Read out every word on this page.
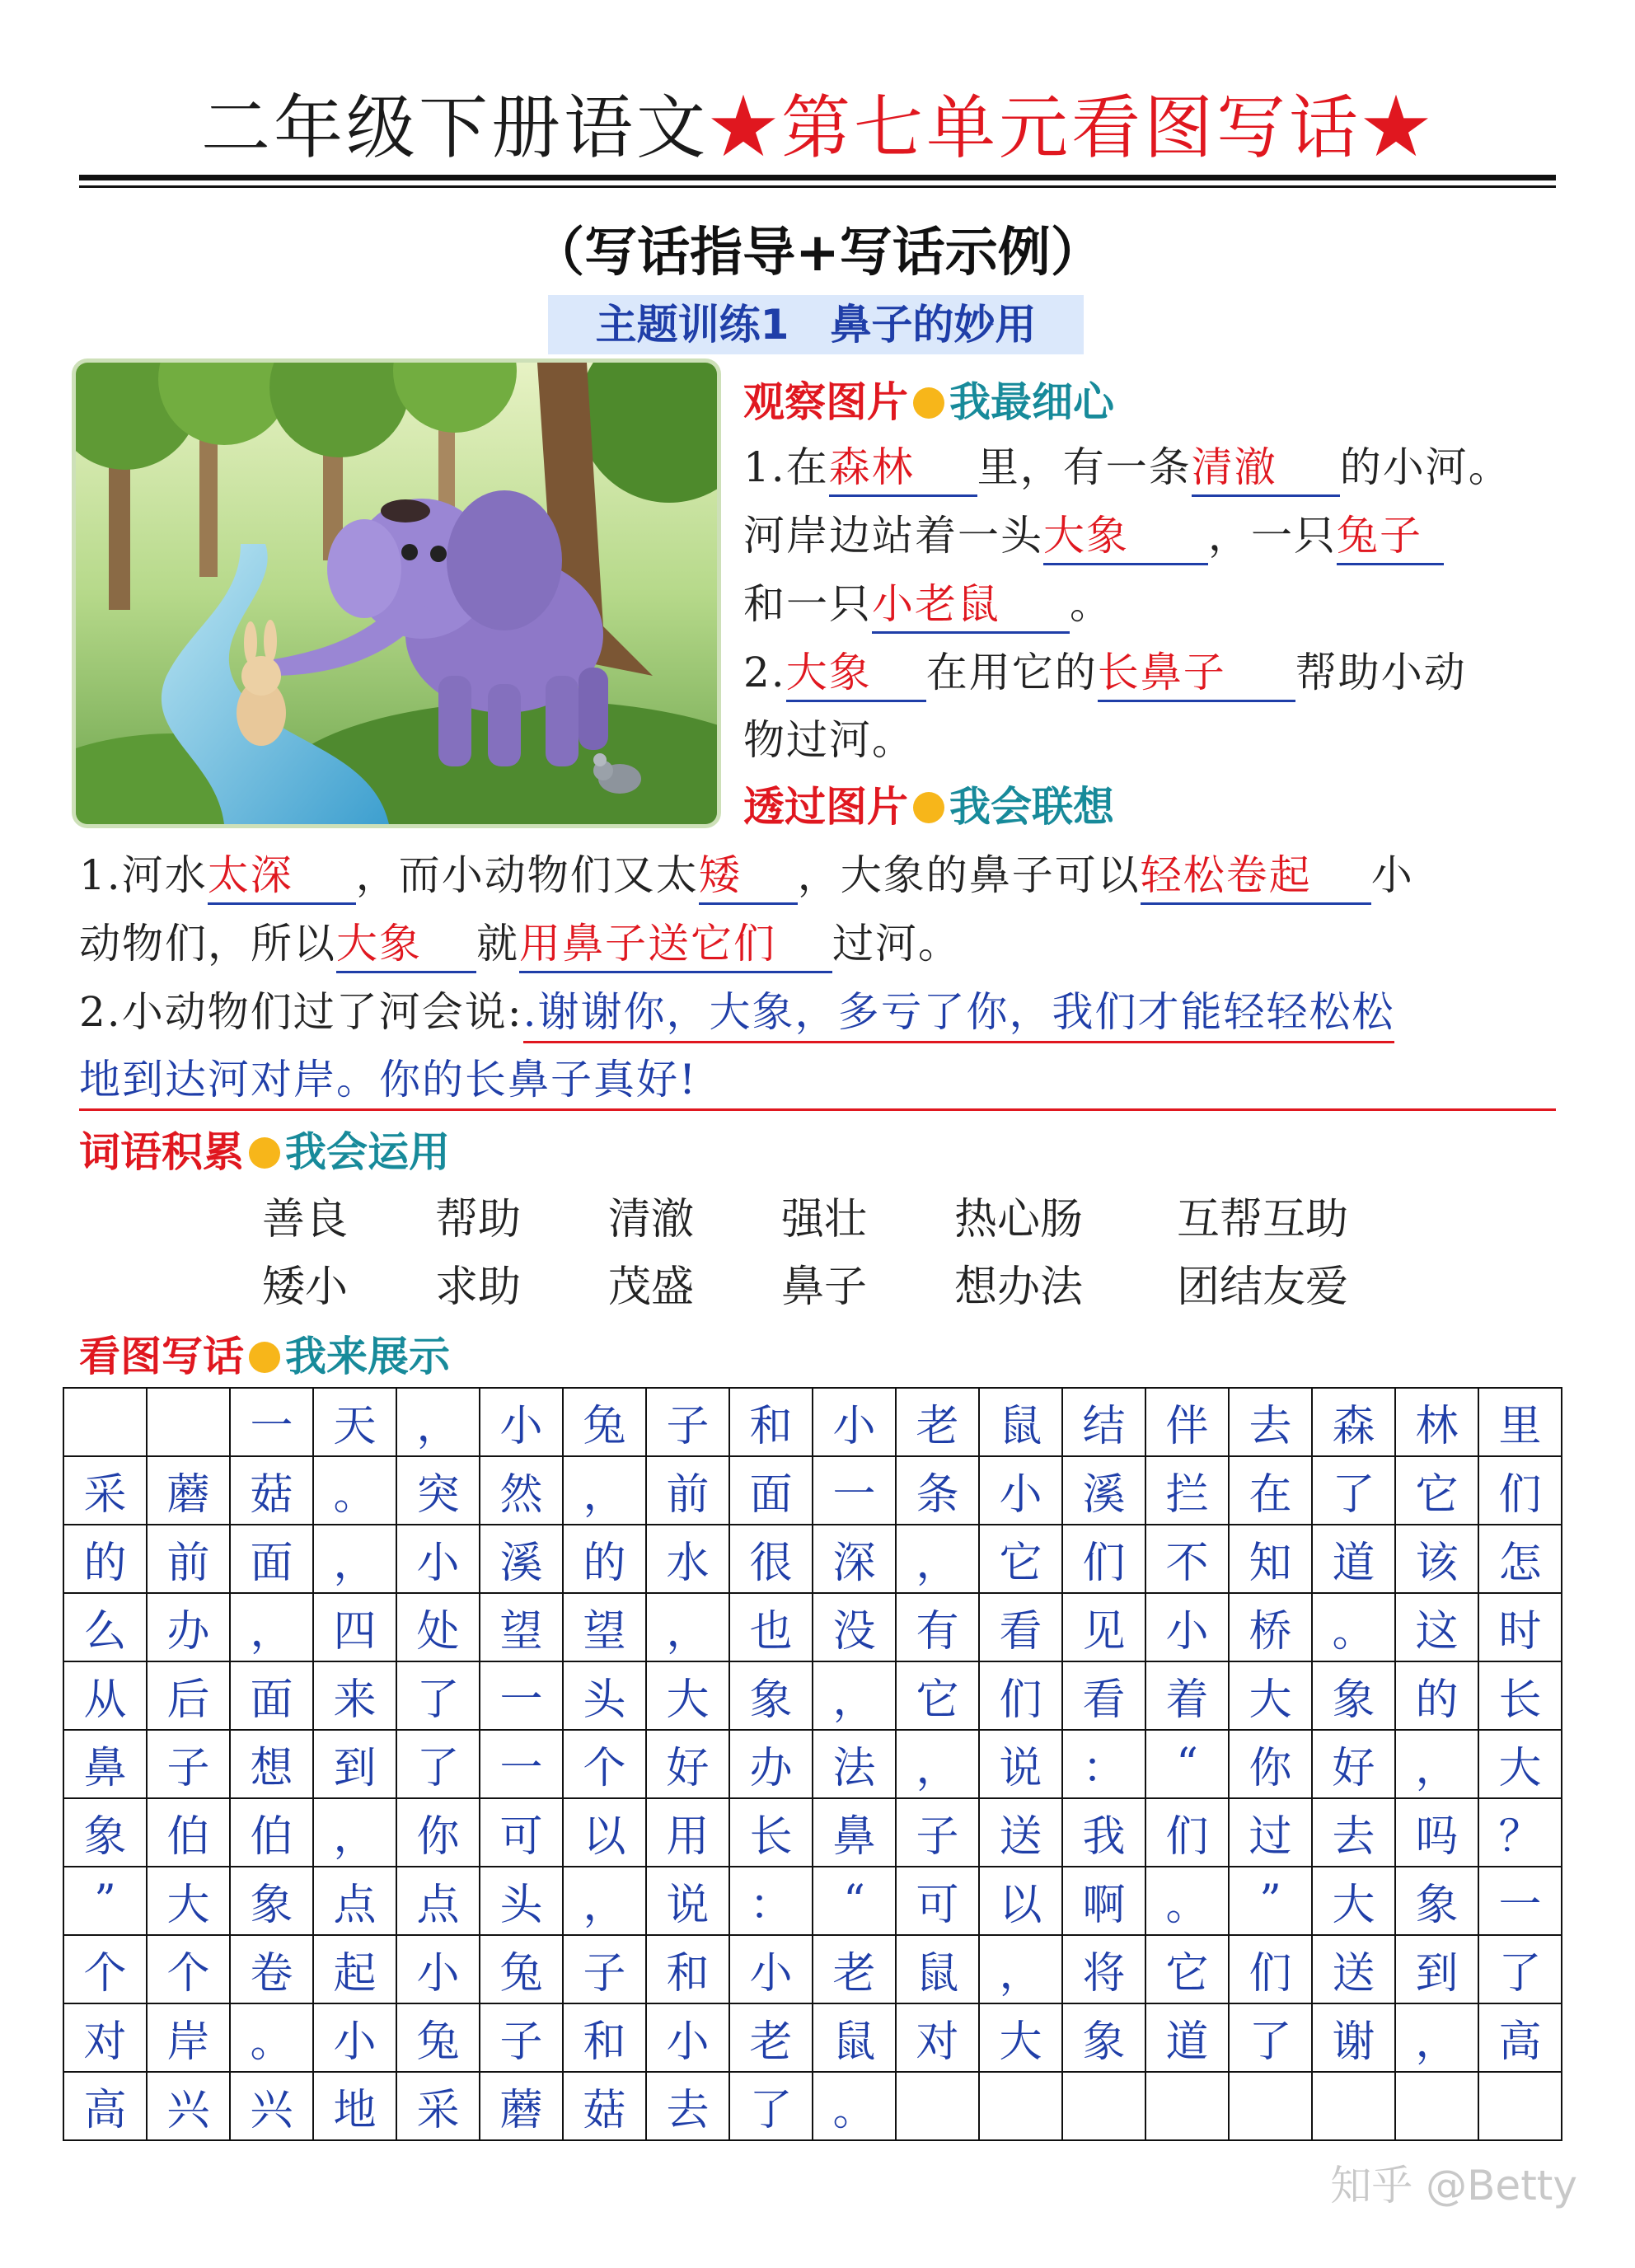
二年级下册语文★第七单元看图写话★
（写话指导+写话示例）
主题训练1　鼻子的妙用
观察图片 我最细心
1.在森林 里，有一条清澈 的小河。
河岸边站着一头大象 ，一只兔子
和一只小老鼠 。
2.大象 在用它的长鼻子 帮助小动
物过河。
透过图片 我会联想
1.河水太深 ，而小动物们又太矮 ，大象的鼻子可以轻松卷起 小
动物们，所以大象 就用鼻子送它们 过河。
2.小动物们过了河会说:.谢谢你，大象，多亏了你，我们才能轻轻松松
地到达河对岸。你的长鼻子真好!
词语积累 我会运用
善良 帮助 清澈 强壮 热心肠 互帮互助
矮小 求助 茂盛 鼻子 想办法 团结友爱
看图写话 我来展示
		一	天	，	小	兔	子	和	小	老	鼠	结	伴	去	森	林	里
采	蘑	菇	。	突	然	，	前	面	一	条	小	溪	拦	在	了	它	们
的	前	面	，	小	溪	的	水	很	深	，	它	们	不	知	道	该	怎
么	办	，	四	处	望	望	，	也	没	有	看	见	小	桥	。	这	时
从	后	面	来	了	一	头	大	象	，	它	们	看	着	大	象	的	长
鼻	子	想	到	了	一	个	好	办	法	，	说	：	“	你	好	，	大
象	伯	伯	，	你	可	以	用	长	鼻	子	送	我	们	过	去	吗	？
”	大	象	点	点	头	，	说	：	“	可	以	啊	。	”	大	象	一
个	个	卷	起	小	兔	子	和	小	老	鼠	，	将	它	们	送	到	了
对	岸	。	小	兔	子	和	小	老	鼠	对	大	象	道	了	谢	，	高
高	兴	兴	地	采	蘑	菇	去	了	。								
知乎 @Betty
